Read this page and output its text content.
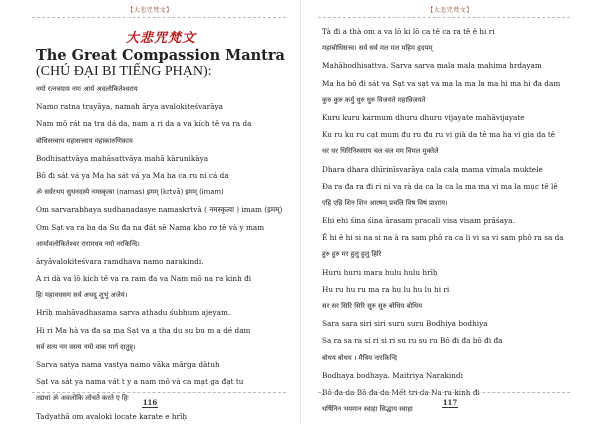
【大悲咒梵文】
大悲咒梵文
The Great Compassion Mantra
(CHÚ ĐẠI BI TIẾNG PHẠN):
नमो रत्नत्रयाय नमः आर्य अवलोकितेश्वराय
Namo ratna trayāya, namah ārya avalokiteśvarāya
Nam mô rát na tra dá da, nam a ri da a va kích tê va ra da
बोधिसत्त्वाय महासत्त्वाय महाकारुणिकाय
Bodhisattvāya mahāsattvāya mahā kārunikāya
Bô đi sát vá ya Ma ha sát vá ya Ma ha ca ru ni cá da
ॐ सर्वरभय सुधनदस्ये नमस्कृत्वा (namas) इमम् (krtvā) इमम् (imam)
Om sarvarabhaya sudhanadasye namaskrtvā ( नमस्कृत्वा ) imam (इमम्)
Om Sạt va ra ba da Su đa na đát sê Nama kho rơ tê và y mam
आर्यावलोकितेश्वर रारामधव नमो नरकिन्दि।
āryāvalokiteśvara ramdhava namo narakindi.
A ri dà va lô kích tê va ra ram đa va Nam mô na ra kinh đi
हिः महावधसम सर्व अथदु शुभुं अजेयं।
Hrīḥ mahāvadhasama sarva athadu śubhum ajeyam.
Hi ri Ma hà va đa sa ma Sạt va a tha du su bu m a dé dam
सर्व सत्य नम वस्त्य नमो वाक मार्ग दातुह्।
Sarva satya nama vastya namo vāka mārga dātuh
Sạt va sát ya nama vát t y a nam mô và ca mạt ga đạt tu
तद्यथा ॐ अवलोकि लोचते करते ए हिः
Tadyathā om avaloki locate karate e hrīḥ
116
【大悲咒梵文】
Tà đi a thà om a va lô ki lô ca tê ca ra tê ê hi ri
महाबोधिसत्त्व। सर्व सर्व मल मल महिम हृदयम्
Mahābodhisattva. Sarva sarva mala mala mahima hrdayam
Ma ha bô đi sát va Sạt va sạt va ma la ma la ma hi ma hi đa dam
कुरु कुरु कर्मु धुरु धुरु विजयते महाविजयते
Kuru kuru karmum dhuru dhuru vijayate mahāvijayate
Ku ru ku ru cạt mum đu ru đu ru vi già da tê ma ha vi gia da tê
धर धर धिरिनिश्वराय चल चल मम विमल मुक्तेले
Dhara dhara dhīrinīsvarāya cala cala mama vimala muktele
Đa ra đa ra đi ri ni va rà da ca la ca la ma ma vi ma la mục tê lê
एहि एहि शिन शिन आरषम् प्रचलि विष विषं प्राशाय।
Ehi ehi śina śina ārasam pracali visa visam prāśaya.
Ê hi ê hi si na si na à ra sam phô ra ca li vi sa vi sam phô ra sa da
हुरु हुरु मर हुलु हुलु हिरि
Huru huru mara hulu hulu hrīḥ
Hu ru hu ru ma ra hu lu hu lu hi ri
सर सर सिरि सिरि सुरु सुरु बोधिय बोधिय
Sara sara siri siri suru suru Bodhiya bodhiya
Sa ra sa ra si ri si ri su ru su ru Bô đi đa bô đi đa
बोधय बोधय । मैत्रिय नारकिन्दि
Bodhaya bodhaya. Maitriya Narakindi
Bô đa da Bô đa da Mết tri da Na ra kinh đi
धर्षिनिन भयमान स्वाहा सिद्धाय स्वाहा
117
